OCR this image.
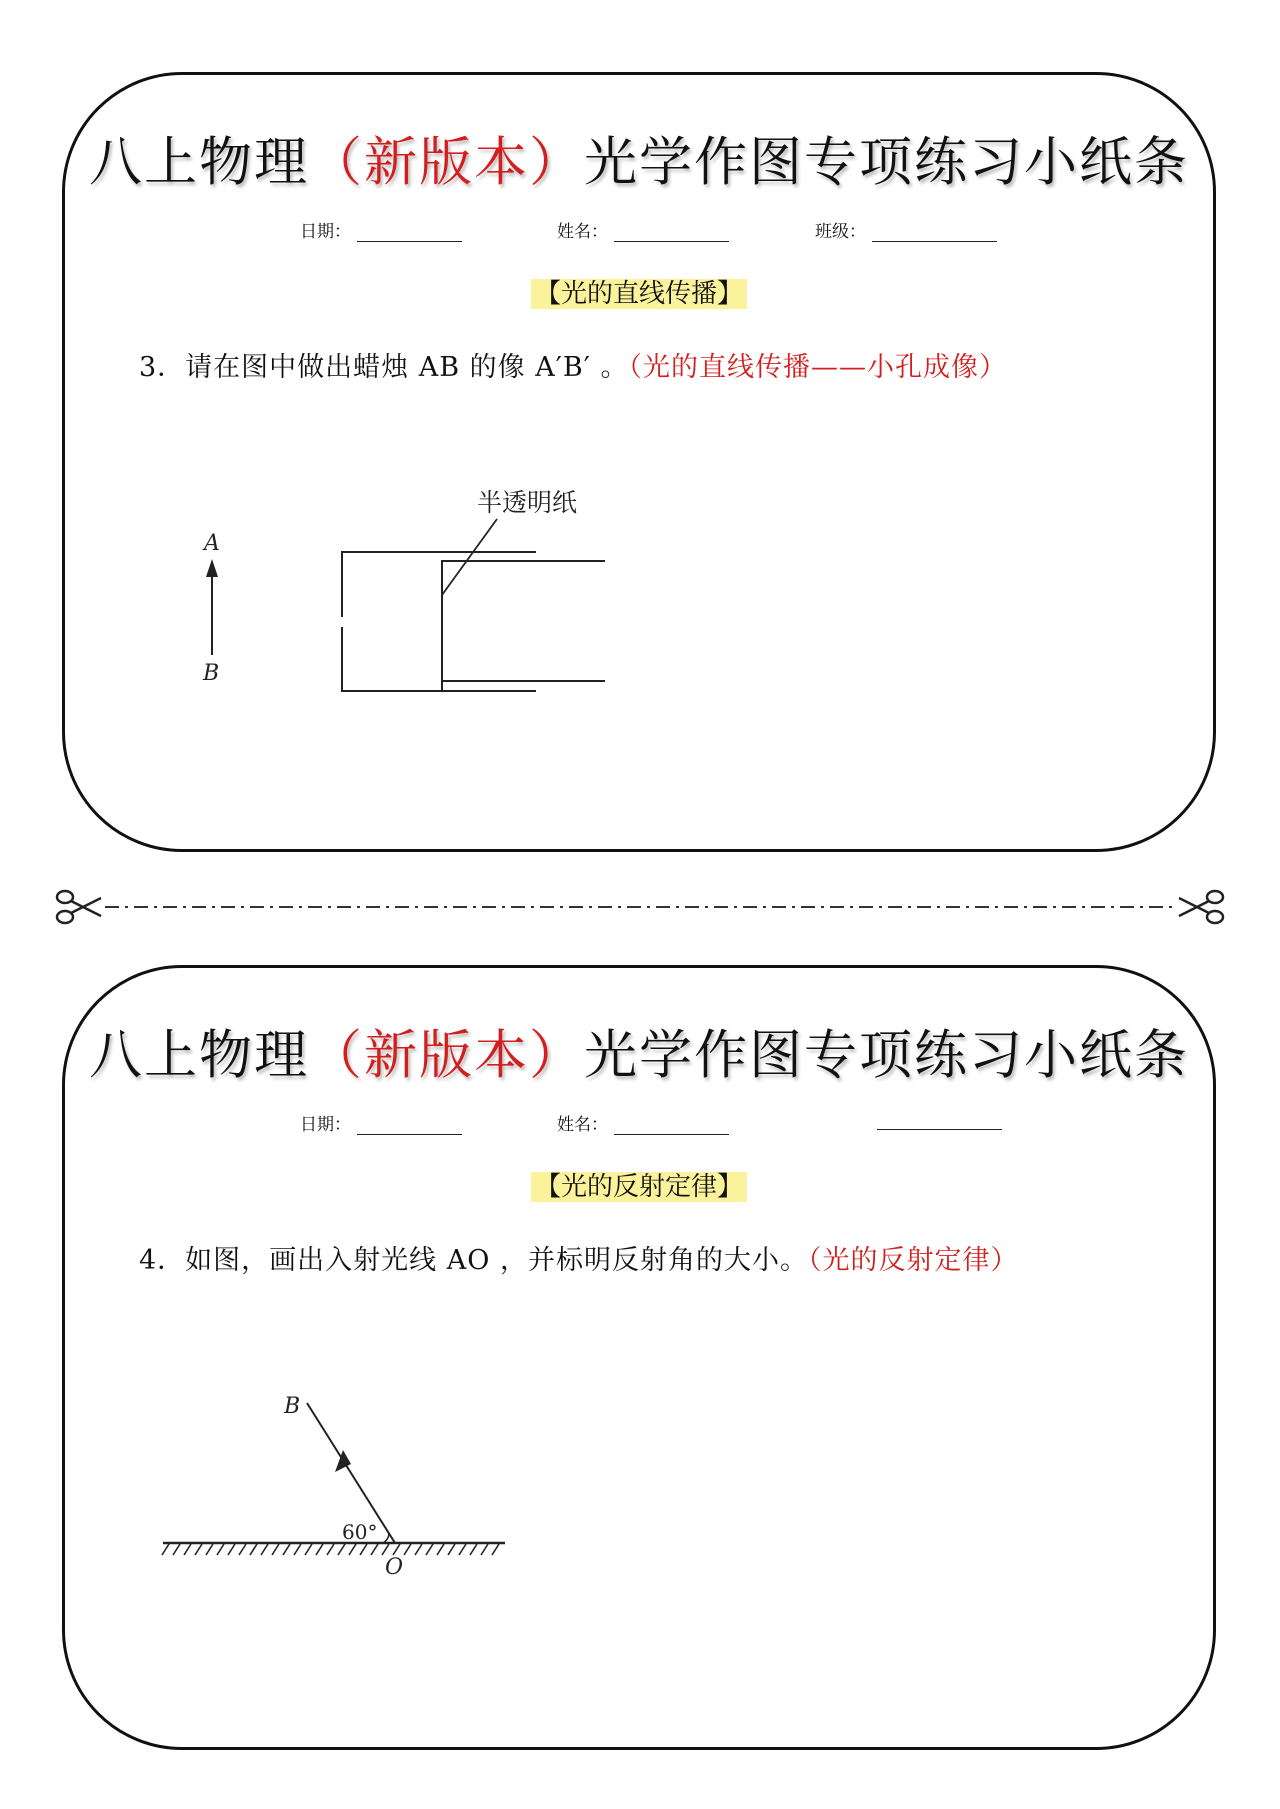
八上物理（新版本）光学作图专项练习小纸条
日期：	姓名：	班级：
【光的直线传播】
3．请在图中做出蜡烛 AB 的像 A′B′ 。（光的直线传播——小孔成像）
A
B
半透明纸
八上物理（新版本）光学作图专项练习小纸条
日期：	姓名：
【光的反射定律】
4．如图，画出入射光线 AO ，并标明反射角的大小。（光的反射定律）
B
60°
O
